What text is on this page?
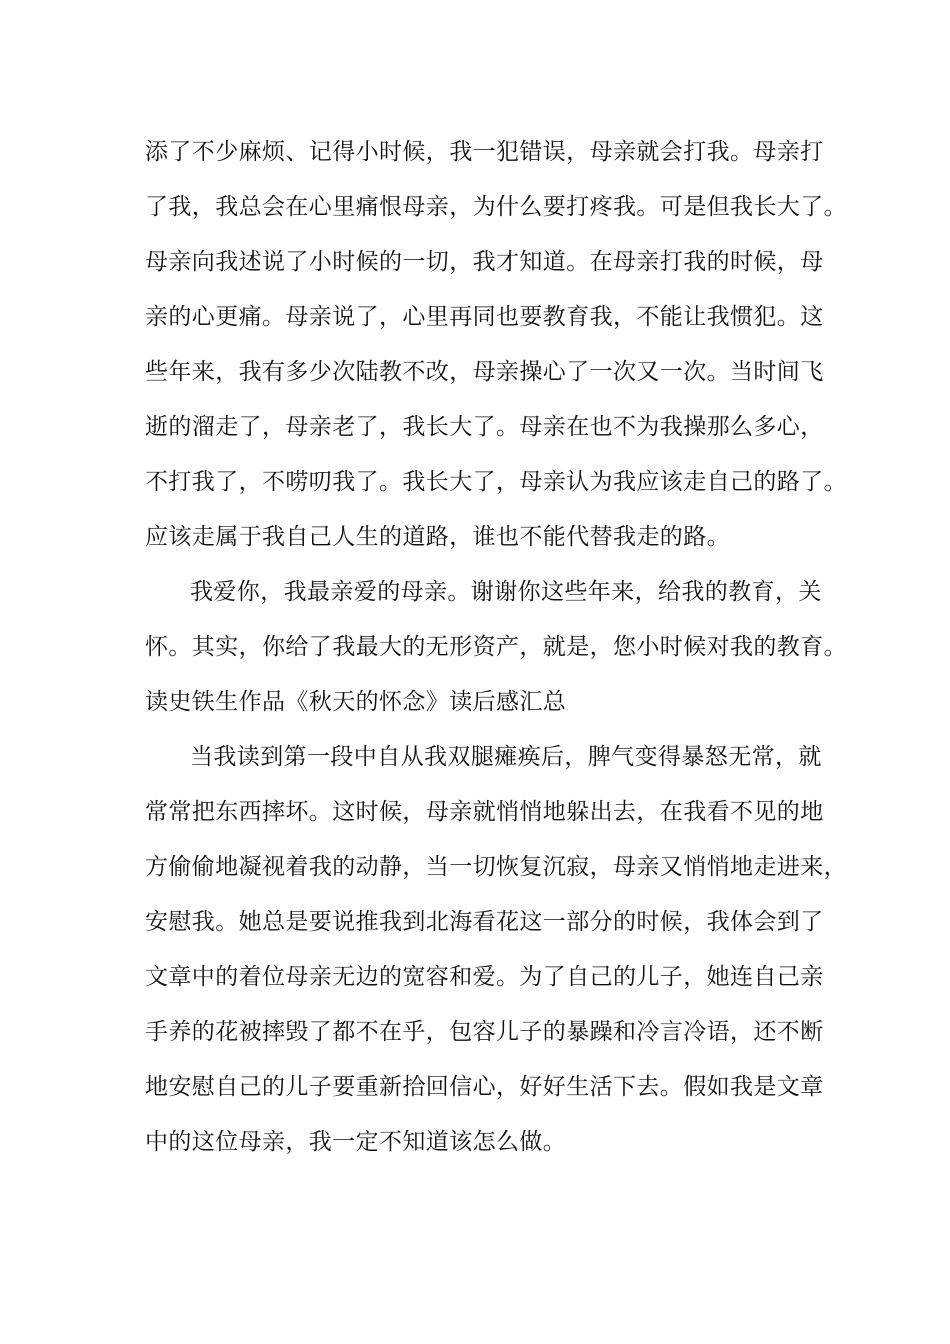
添了不少麻烦、记得小时候，我一犯错误，母亲就会打我。母亲打
了我，我总会在心里痛恨母亲，为什么要打疼我。可是但我长大了。
母亲向我述说了小时候的一切，我才知道。在母亲打我的时候，母
亲的心更痛。母亲说了，心里再同也要教育我，不能让我惯犯。这
些年来，我有多少次陆教不改，母亲操心了一次又一次。当时间飞
逝的溜走了，母亲老了，我长大了。母亲在也不为我操那么多心，
不打我了，不唠叨我了。我长大了，母亲认为我应该走自己的路了。
应该走属于我自己人生的道路，谁也不能代替我走的路。
我爱你，我最亲爱的母亲。谢谢你这些年来，给我的教育，关
怀。其实，你给了我最大的无形资产，就是，您小时候对我的教育。
读史铁生作品《秋天的怀念》读后感汇总
当我读到第一段中自从我双腿瘫痪后，脾气变得暴怒无常，就
常常把东西摔坏。这时候，母亲就悄悄地躲出去，在我看不见的地
方偷偷地凝视着我的动静，当一切恢复沉寂，母亲又悄悄地走进来，
安慰我。她总是要说推我到北海看花这一部分的时候，我体会到了
文章中的着位母亲无边的宽容和爱。为了自己的儿子，她连自己亲
手养的花被摔毁了都不在乎，包容儿子的暴躁和冷言冷语，还不断
地安慰自己的儿子要重新拾回信心，好好生活下去。假如我是文章
中的这位母亲，我一定不知道该怎么做。
